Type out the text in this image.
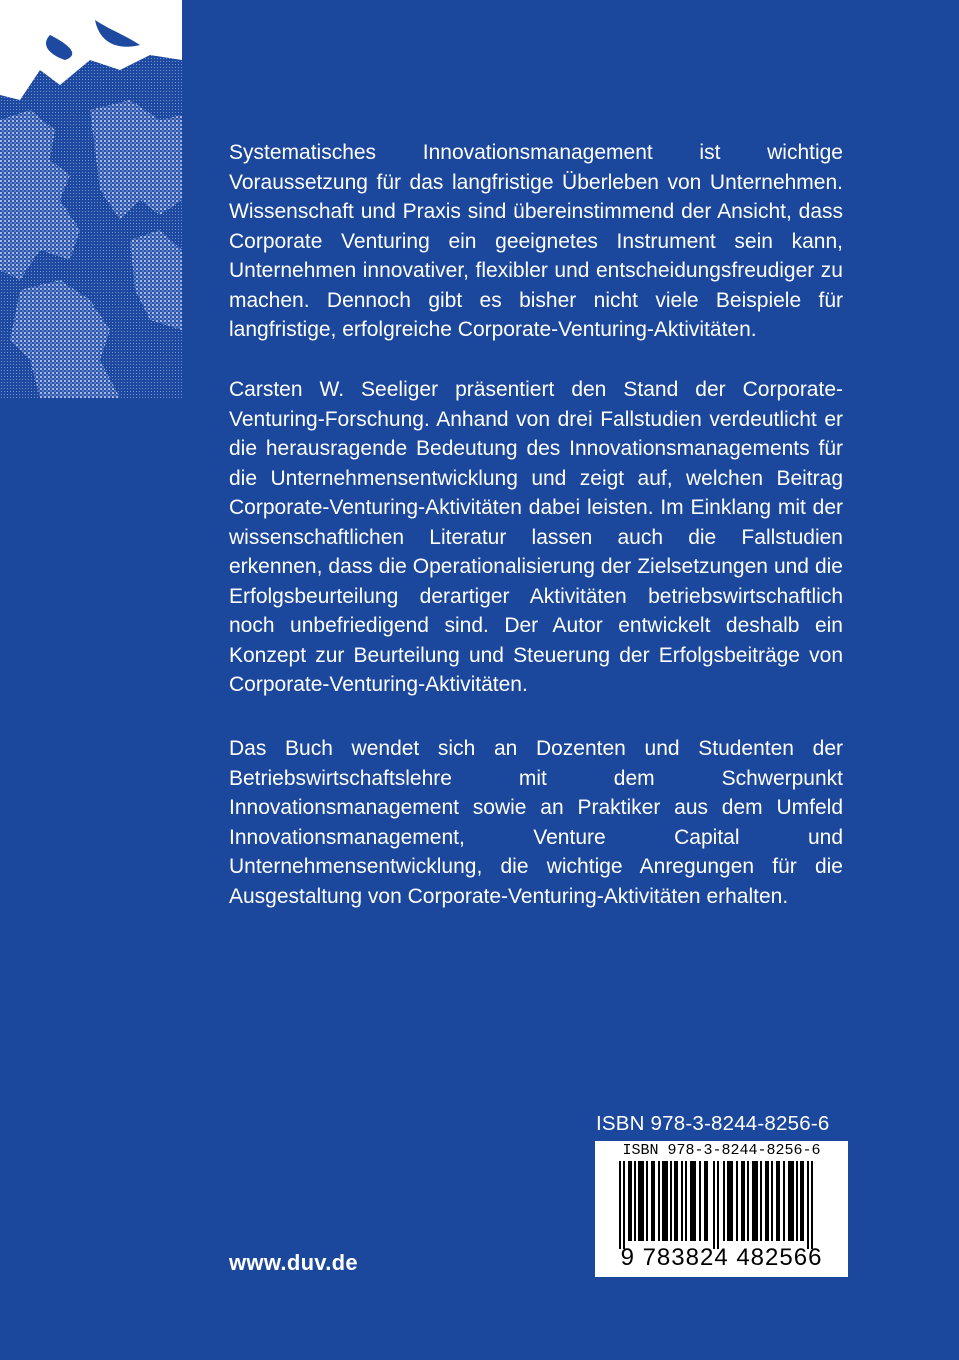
Systematisches Innovationsmanagement ist wichtige Voraussetzung für das langfristige Überleben von Unternehmen. Wissenschaft und Praxis sind übereinstimmend der Ansicht, dass Corporate Venturing ein geeignetes Instrument sein kann, Unternehmen innovativer, flexibler und entscheidungsfreudiger zu machen. Dennoch gibt es bisher nicht viele Beispiele für langfristige, erfolgreiche Corporate-Venturing-Aktivitäten.

Carsten W. Seeliger präsentiert den Stand der Corporate-Venturing-Forschung. Anhand von drei Fallstudien verdeutlicht er die herausragende Bedeutung des Innovationsmanagements für die Unternehmensentwicklung und zeigt auf, welchen Beitrag Corporate-Venturing-Aktivitäten dabei leisten. Im Einklang mit der wissenschaftlichen Literatur lassen auch die Fallstudien erkennen, dass die Operationalisierung der Zielsetzungen und die Erfolgsbeurteilung derartiger Aktivitäten betriebswirtschaftlich noch unbefriedigend sind. Der Autor entwickelt deshalb ein Konzept zur Beurteilung und Steuerung der Erfolgsbeiträge von Corporate-Venturing-Aktivitäten.

Das Buch wendet sich an Dozenten und Studenten der Betriebswirtschaftslehre mit dem Schwerpunkt Innovationsmanagement sowie an Praktiker aus dem Umfeld Innovationsmanagement, Venture Capital und Unternehmensentwicklung, die wichtige Anregungen für die Ausgestaltung von Corporate-Venturing-Aktivitäten erhalten.

ISBN 978-3-8244-8256-6
ISBN 978-3-8244-8256-6
9 783824 482566
www.duv.de
